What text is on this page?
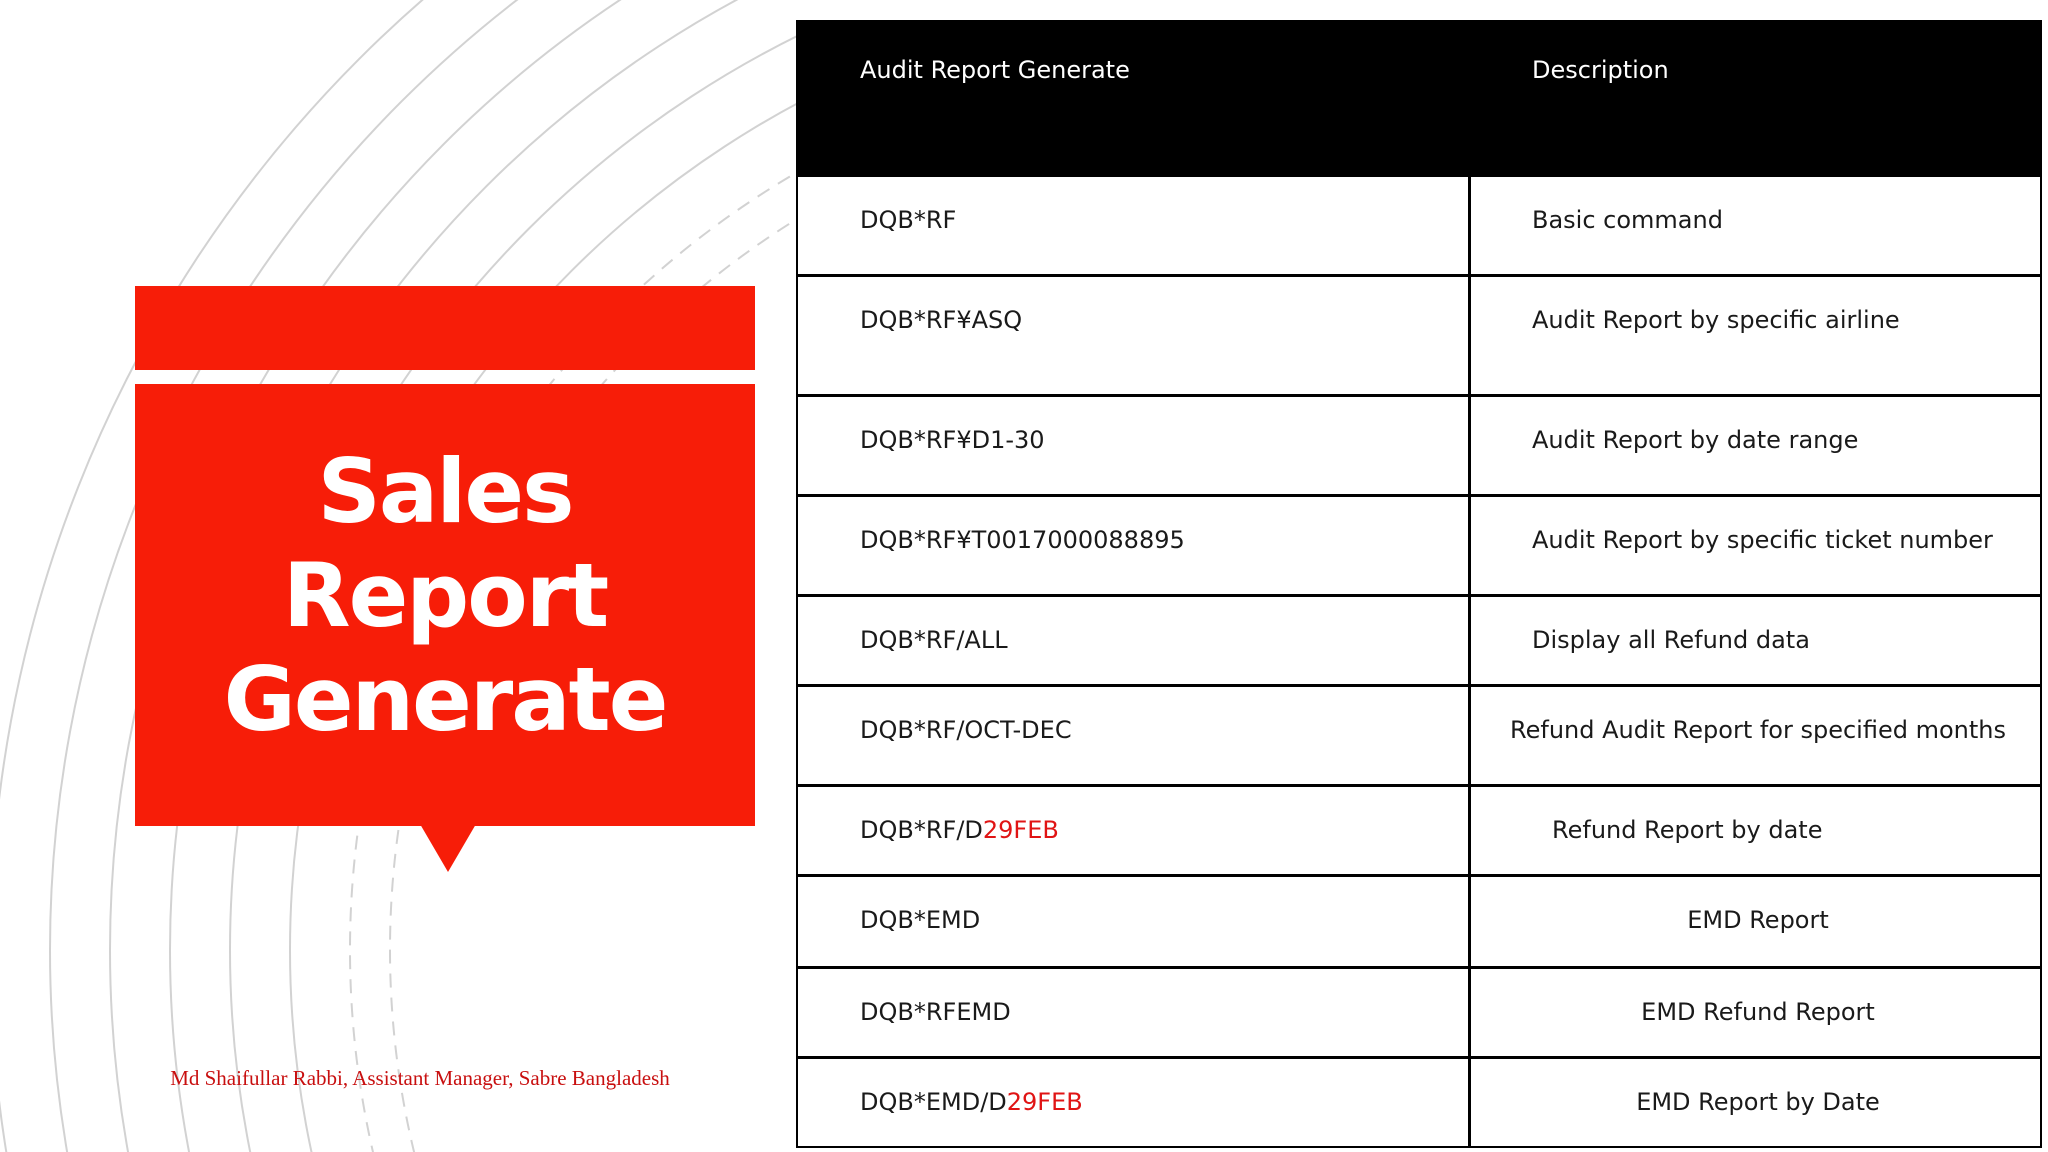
Sales
Report
Generate
Md Shaifullar Rabbi, Assistant Manager, Sabre Bangladesh
Audit Report Generate	Description
DQB*RF	Basic command
DQB*RF¥ASQ	Audit Report by specific airline
DQB*RF¥D1-30	Audit Report by date range
DQB*RF¥T0017000088895	Audit Report by specific ticket number
DQB*RF/ALL	Display all Refund data
DQB*RF/OCT-DEC	Refund Audit Report for specified months
DQB*RF/D29FEB	Refund Report by date
DQB*EMD	EMD Report
DQB*RFEMD	EMD Refund Report
DQB*EMD/D29FEB	EMD Report by Date
